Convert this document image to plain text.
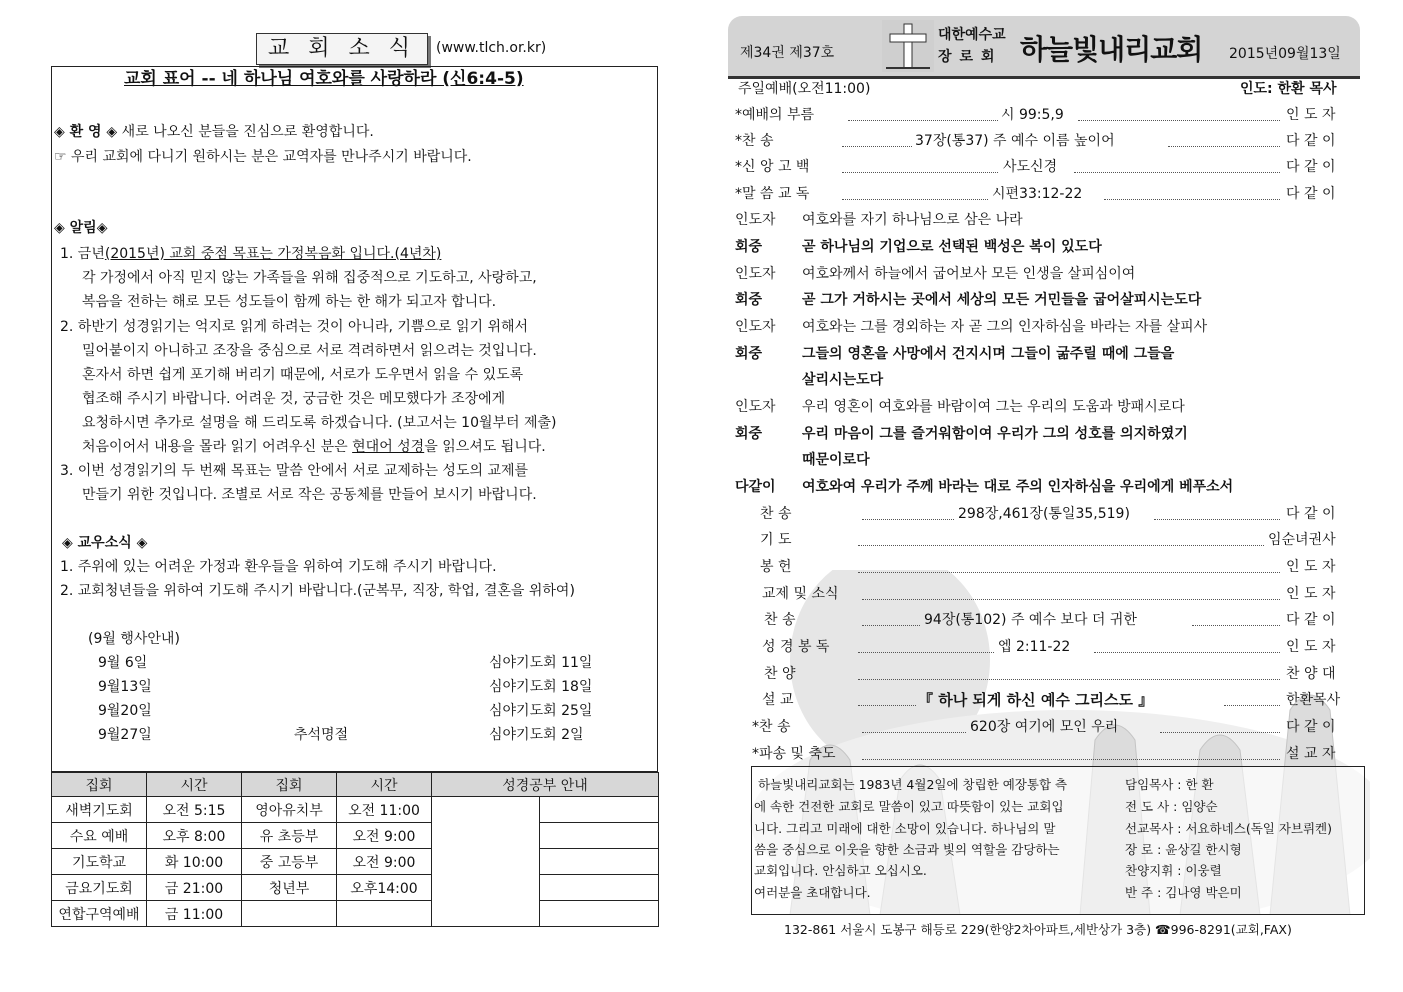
교 회 소 식	(www.tlch.or.kr)
교회 표어 -- 네 하나님 여호와를 사랑하라 (신6:4-5)
◈ 환 영 ◈ 새로 나오신 분들을 진심으로 환영합니다.
☞ 우리 교회에 다니기 원하시는 분은 교역자를 만나주시기 바랍니다.
◈ 알림◈
1. 금년(2015년) 교회 중점 목표는 가정복음화 입니다.(4년차)
각 가정에서 아직 믿지 않는 가족들을 위해 집중적으로 기도하고, 사랑하고,
복음을 전하는 해로 모든 성도들이 함께 하는 한 해가 되고자 합니다.
2. 하반기 성경읽기는 억지로 읽게 하려는 것이 아니라, 기쁨으로 읽기 위해서
밀어붙이지 아니하고 조장을 중심으로 서로 격려하면서 읽으려는 것입니다.
혼자서 하면 쉽게 포기해 버리기 때문에, 서로가 도우면서 읽을 수 있도록
협조해 주시기 바랍니다. 어려운 것, 궁금한 것은 메모했다가 조장에게
요청하시면 추가로 설명을 해 드리도록 하겠습니다. (보고서는 10월부터 제출)
처음이어서 내용을 몰라 읽기 어려우신 분은 현대어 성경을 읽으셔도 됩니다.
3. 이번 성경읽기의 두 번째 목표는 말씀 안에서 서로 교제하는 성도의 교제를
만들기 위한 것입니다. 조별로 서로 작은 공동체를 만들어 보시기 바랍니다.
◈ 교우소식 ◈
1. 주위에 있는 어려운 가정과 환우들을 위하여 기도해 주시기 바랍니다.
2. 교회청년들을 위하여 기도해 주시기 바랍니다.(군복무, 직장, 학업, 결혼을 위하여)
(9월 행사안내)
9월 6일	심야기도회 11일
9월13일	심야기도회 18일
9월20일	심야기도회 25일
9월27일	추석명절	심야기도회 2일
집회	시간	집회	시간	성경공부 안내	
새벽기도회	오전 5:15	영아유치부	오전 11:00		
수요 예배	오후 8:00	유 초등부	오전 9:00		
기도학교	화 10:00	중 고등부	오전 9:00		
금요기도회	금 21:00	청년부	오후14:00		
연합구역예배	금 11:00				
제34권 제37호
대한예수교
장로회 하늘빛내리교회 2015년09월13일
주일예배(오전11:00)	인도: 한환 목사
*예배의 부름	시 99:5,9	인 도 자
*찬 송	37장(통37) 주 예수 이름 높이어	다 같 이
*신 앙 고 백	사도신경	다 같 이
*말 씀 교 독	시편33:12-22	다 같 이
인도자 여호와를 자기 하나님으로 삼은 나라
회중	곧 하나님의 기업으로 선택된 백성은 복이 있도다
인도자 여호와께서 하늘에서 굽어보사 모든 인생을 살피심이여
회중	곧 그가 거하시는 곳에서 세상의 모든 거민들을 굽어살피시는도다
인도자 여호와는 그를 경외하는 자 곧 그의 인자하심을 바라는 자를 살피사
회중	그들의 영혼을 사망에서 건지시며 그들이 굶주릴 때에 그들을
살리시는도다
인도자 우리 영혼이 여호와를 바람이여 그는 우리의 도움과 방패시로다
회중	우리 마음이 그를 즐거워함이여 우리가 그의 성호를 의지하였기
때문이로다
다같이 여호와여 우리가 주께 바라는 대로 주의 인자하심을 우리에게 베푸소서
찬 송	298장,461장(통일35,519)	다 같 이
기 도	임순녀권사
봉 헌	인 도 자
교제 및 소식	인 도 자
찬 송	94장(통102) 주 예수 보다 더 귀한	다 같 이
성 경 봉 독	엡 2:11-22	인 도 자
찬 양	찬 양 대
설 교	『 하나 되게 하신 예수 그리스도 』	한환목사
*찬 송	620장 여기에 모인 우리	다 같 이
*파송 및 축도	설 교 자
하늘빛내리교회는 1983년 4월2일에 창립한 예장통합 측
에 속한 건전한 교회로 말씀이 있고 따뜻함이 있는 교회입
니다. 그리고 미래에 대한 소망이 있습니다. 하나님의 말
씀을 중심으로 이웃을 향한 소금과 빛의 역할을 감당하는
교회입니다. 안심하고 오십시오.
여러분을 초대합니다.
담임목사 : 한 환
전 도 사 : 임양순
선교목사 : 서요하네스(독일 자브뤼켄)
장 로 : 윤상길 한시형
찬양지휘 : 이웅렬
반 주 : 김나영 박은미
132-861 서울시 도봉구 해등로 229(한양2차아파트,세반상가 3층) ☎996-8291(교회,FAX)
